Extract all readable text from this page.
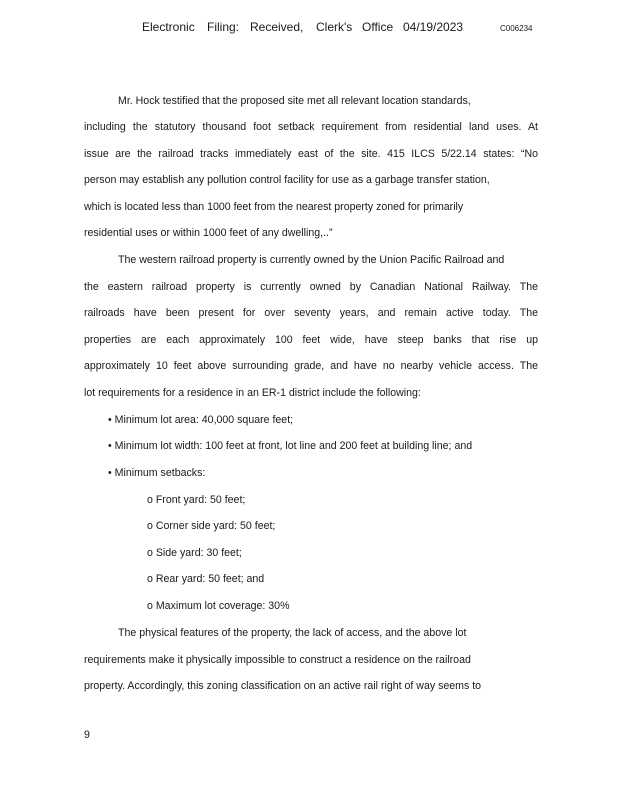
Electronic Filing: Received, Clerk's Office 04/19/2023	C006234
Mr. Hock testified that the proposed site met all relevant location standards,
including the statutory thousand foot setback requirement from residential land uses. At
issue are the railroad tracks immediately east of the site. 415 ILCS 5/22.14 states: “No
person may establish any pollution control facility for use as a garbage transfer station,
which is located less than 1000 feet from the nearest property zoned for primarily
residential uses or within 1000 feet of any dwelling,..”
The western railroad property is currently owned by the Union Pacific Railroad and
the eastern railroad property is currently owned by Canadian National Railway. The
railroads have been present for over seventy years, and remain active today. The
properties are each approximately 100 feet wide, have steep banks that rise up
approximately 10 feet above surrounding grade, and have no nearby vehicle access. The
lot requirements for a residence in an ER-1 district include the following:
• Minimum lot area: 40,000 square feet;
• Minimum lot width: 100 feet at front, lot line and 200 feet at building line; and
• Minimum setbacks:
o Front yard: 50 feet;
o Corner side yard: 50 feet;
o Side yard: 30 feet;
o Rear yard: 50 feet; and
o Maximum lot coverage: 30%
The physical features of the property, the lack of access, and the above lot
requirements make it physically impossible to construct a residence on the railroad
property. Accordingly, this zoning classification on an active rail right of way seems to
9
